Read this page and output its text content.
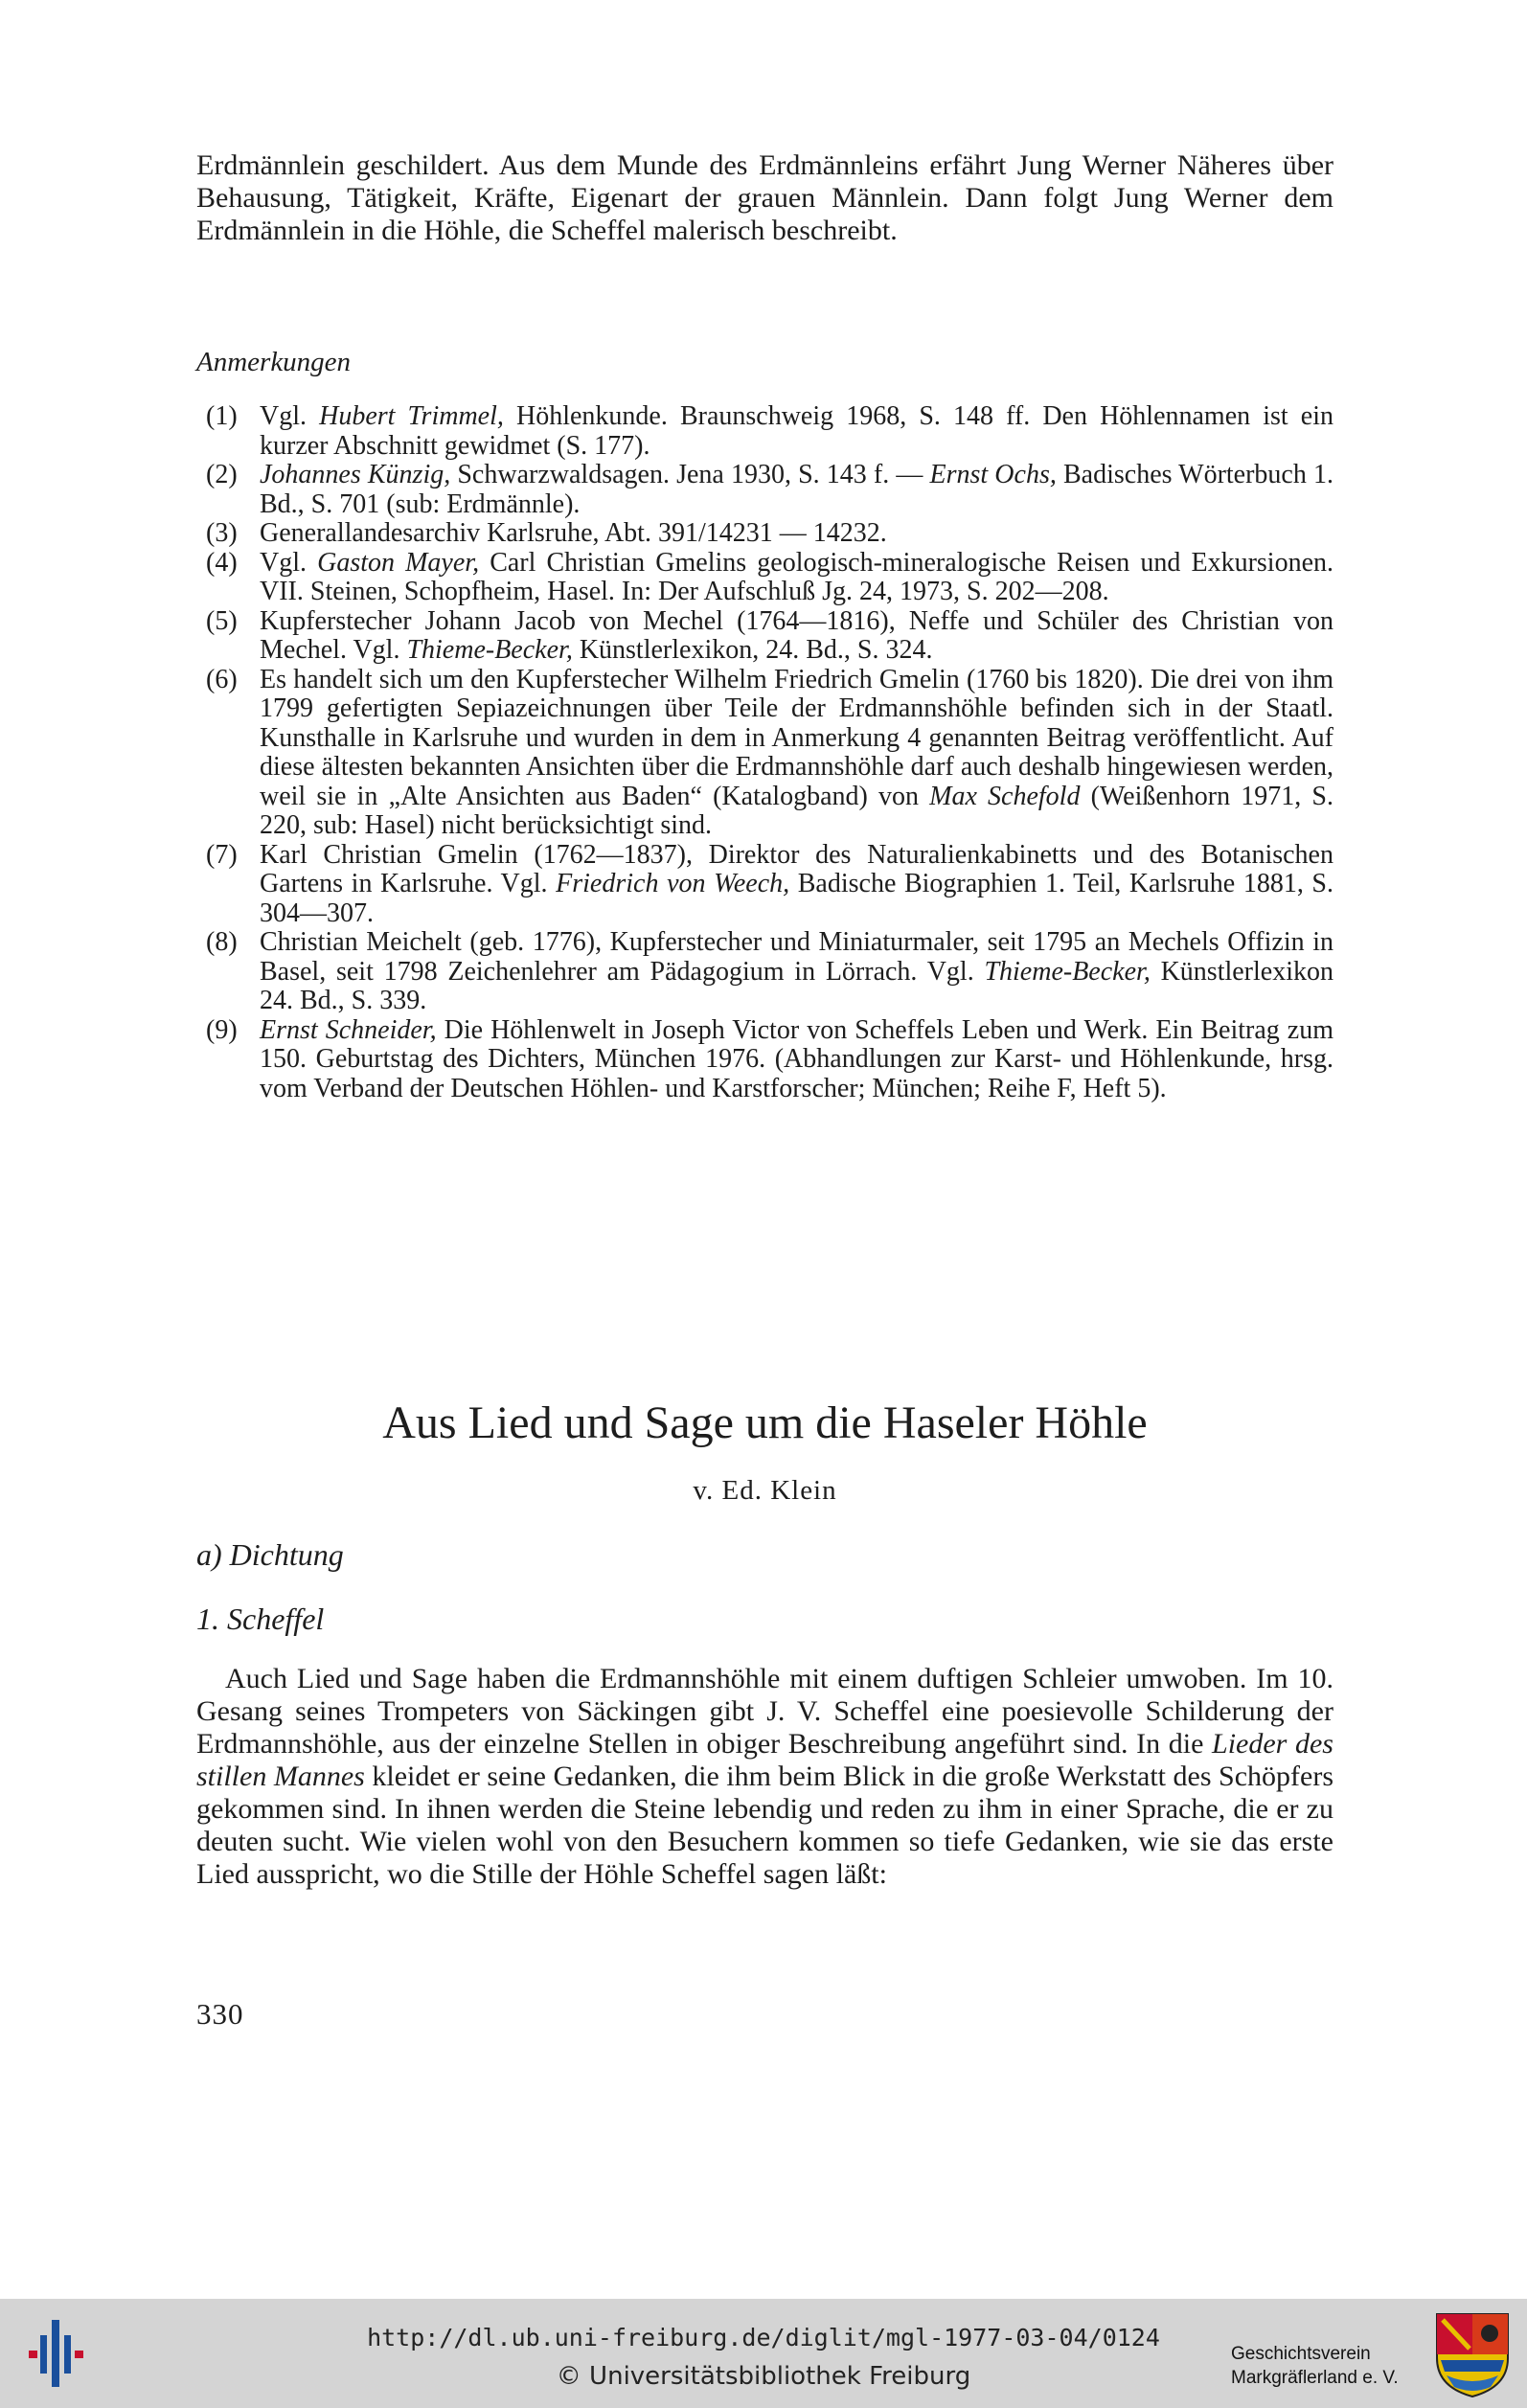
Erdmännlein geschildert. Aus dem Munde des Erdmännleins erfährt Jung Werner Näheres über Behausung, Tätigkeit, Kräfte, Eigenart der grauen Männlein. Dann folgt Jung Werner dem Erdmännlein in die Höhle, die Scheffel malerisch beschreibt.

Anmerkungen

(1) Vgl. Hubert Trimmel, Höhlenkunde. Braunschweig 1968, S. 148 ff. Den Höhlennamen ist ein kurzer Abschnitt gewidmet (S. 177).

(2) Johannes Künzig, Schwarzwaldsagen. Jena 1930, S. 143 f. — Ernst Ochs, Badisches Wörterbuch 1. Bd., S. 701 (sub: Erdmännle).

(3) Generallandesarchiv Karlsruhe, Abt. 391/14231 — 14232.

(4) Vgl. Gaston Mayer, Carl Christian Gmelins geologisch-mineralogische Reisen und Exkursionen. VII. Steinen, Schopfheim, Hasel. In: Der Aufschluß Jg. 24, 1973, S. 202—208.

(5) Kupferstecher Johann Jacob von Mechel (1764—1816), Neffe und Schüler des Christian von Mechel. Vgl. Thieme-Becker, Künstlerlexikon, 24. Bd., S. 324.

(6) Es handelt sich um den Kupferstecher Wilhelm Friedrich Gmelin (1760 bis 1820). Die drei von ihm 1799 gefertigten Sepiazeichnungen über Teile der Erdmannshöhle befinden sich in der Staatl. Kunsthalle in Karlsruhe und wurden in dem in Anmerkung 4 genannten Beitrag veröffentlicht. Auf diese ältesten bekannten Ansichten über die Erdmannshöhle darf auch deshalb hingewiesen werden, weil sie in „Alte Ansichten aus Baden“ (Katalogband) von Max Schefold (Weißenhorn 1971, S. 220, sub: Hasel) nicht berücksichtigt sind.

(7) Karl Christian Gmelin (1762—1837), Direktor des Naturalienkabinetts und des Botanischen Gartens in Karlsruhe. Vgl. Friedrich von Weech, Badische Biographien 1. Teil, Karlsruhe 1881, S. 304—307.

(8) Christian Meichelt (geb. 1776), Kupferstecher und Miniaturmaler, seit 1795 an Mechels Offizin in Basel, seit 1798 Zeichenlehrer am Pädagogium in Lörrach. Vgl. Thieme-Becker, Künstlerlexikon 24. Bd., S. 339.

(9) Ernst Schneider, Die Höhlenwelt in Joseph Victor von Scheffels Leben und Werk. Ein Beitrag zum 150. Geburtstag des Dichters, München 1976. (Abhandlungen zur Karst- und Höhlenkunde, hrsg. vom Verband der Deutschen Höhlen- und Karstforscher; München; Reihe F, Heft 5).

Aus Lied und Sage um die Haseler Höhle
v. Ed. Klein
a) Dichtung
1. Scheffel

Auch Lied und Sage haben die Erdmannshöhle mit einem duftigen Schleier umwoben. Im 10. Gesang seines Trompeters von Säckingen gibt J. V. Scheffel eine poesievolle Schilderung der Erdmannshöhle, aus der einzelne Stellen in obiger Beschreibung angeführt sind. In die Lieder des stillen Mannes kleidet er seine Gedanken, die ihm beim Blick in die große Werkstatt des Schöpfers gekommen sind. In ihnen werden die Steine lebendig und reden zu ihm in einer Sprache, die er zu deuten sucht. Wie vielen wohl von den Besuchern kommen so tiefe Gedanken, wie sie das erste Lied ausspricht, wo die Stille der Höhle Scheffel sagen läßt:

330
http://dl.ub.uni-freiburg.de/diglit/mgl-1977-03-04/0124
© Universitätsbibliothek Freiburg
Geschichtsverein
Markgräflerland e. V.
